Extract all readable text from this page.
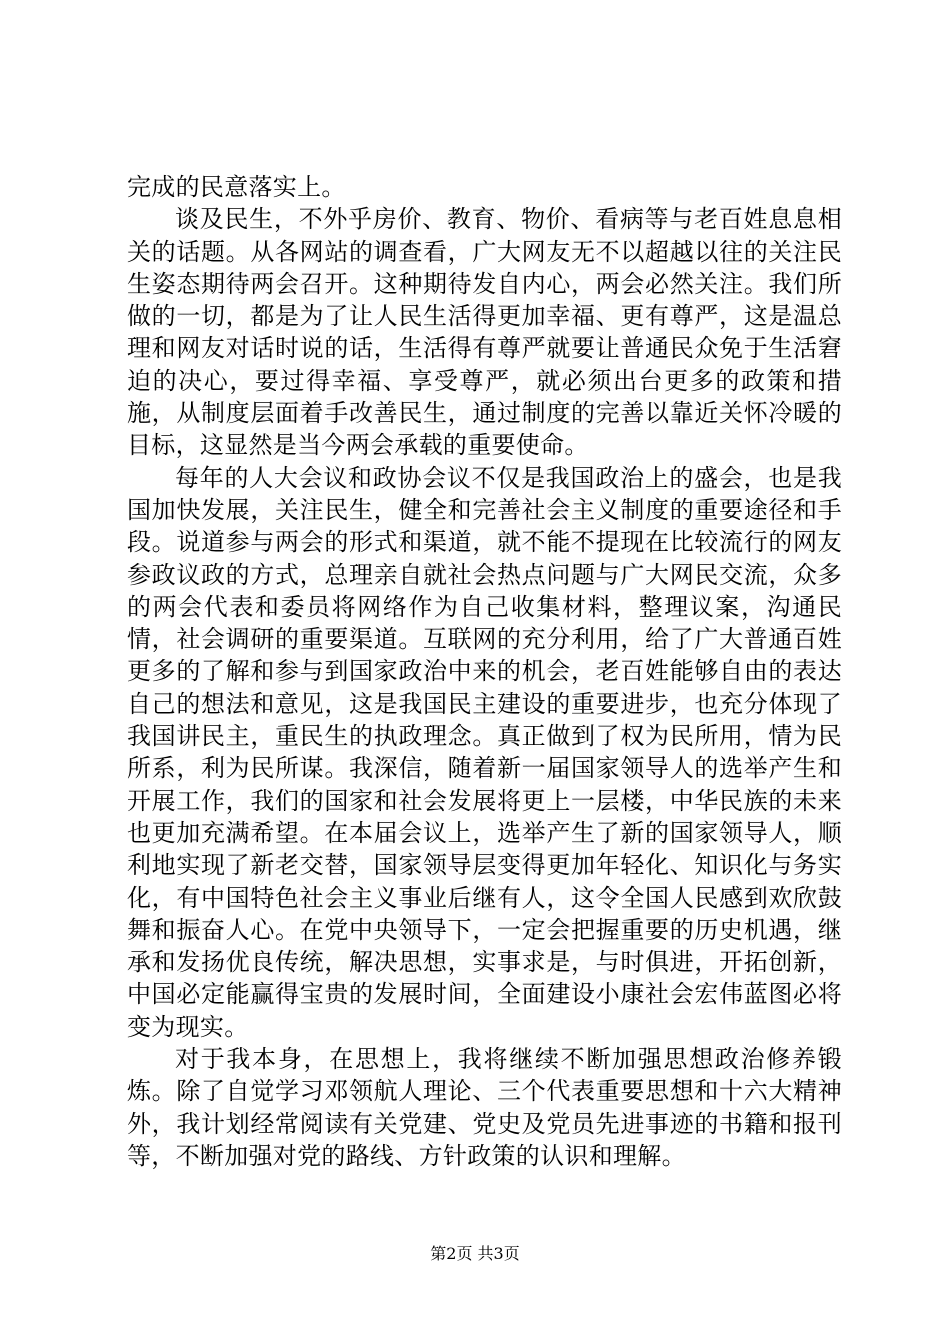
完成的民意落实上。

谈及民生，不外乎房价、教育、物价、看病等与老百姓息息相关的话题。从各网站的调查看，广大网友无不以超越以往的关注民生姿态期待两会召开。这种期待发自内心，两会必然关注。我们所做的一切，都是为了让人民生活得更加幸福、更有尊严，这是温总理和网友对话时说的话，生活得有尊严就要让普通民众免于生活窘迫的决心，要过得幸福、享受尊严，就必须出台更多的政策和措施，从制度层面着手改善民生，通过制度的完善以靠近关怀冷暖的目标，这显然是当今两会承载的重要使命。

每年的人大会议和政协会议不仅是我国政治上的盛会，也是我国加快发展，关注民生，健全和完善社会主义制度的重要途径和手段。说道参与两会的形式和渠道，就不能不提现在比较流行的网友参政议政的方式，总理亲自就社会热点问题与广大网民交流，众多的两会代表和委员将网络作为自己收集材料，整理议案，沟通民情，社会调研的重要渠道。互联网的充分利用，给了广大普通百姓更多的了解和参与到国家政治中来的机会，老百姓能够自由的表达自己的想法和意见，这是我国民主建设的重要进步，也充分体现了我国讲民主，重民生的执政理念。真正做到了权为民所用，情为民所系，利为民所谋。我深信，随着新一届国家领导人的选举产生和开展工作，我们的国家和社会发展将更上一层楼，中华民族的未来也更加充满希望。在本届会议上，选举产生了新的国家领导人，顺利地实现了新老交替，国家领导层变得更加年轻化、知识化与务实化，有中国特色社会主义事业后继有人，这令全国人民感到欢欣鼓舞和振奋人心。在党中央领导下，一定会把握重要的历史机遇，继承和发扬优良传统，解决思想，实事求是，与时俱进，开拓创新，中国必定能赢得宝贵的发展时间，全面建设小康社会宏伟蓝图必将变为现实。

对于我本身，在思想上，我将继续不断加强思想政治修养锻炼。除了自觉学习邓领航人理论、三个代表重要思想和十六大精神外，我计划经常阅读有关党建、党史及党员先进事迹的书籍和报刊等，不断加强对党的路线、方针政策的认识和理解。

第2页 共3页
